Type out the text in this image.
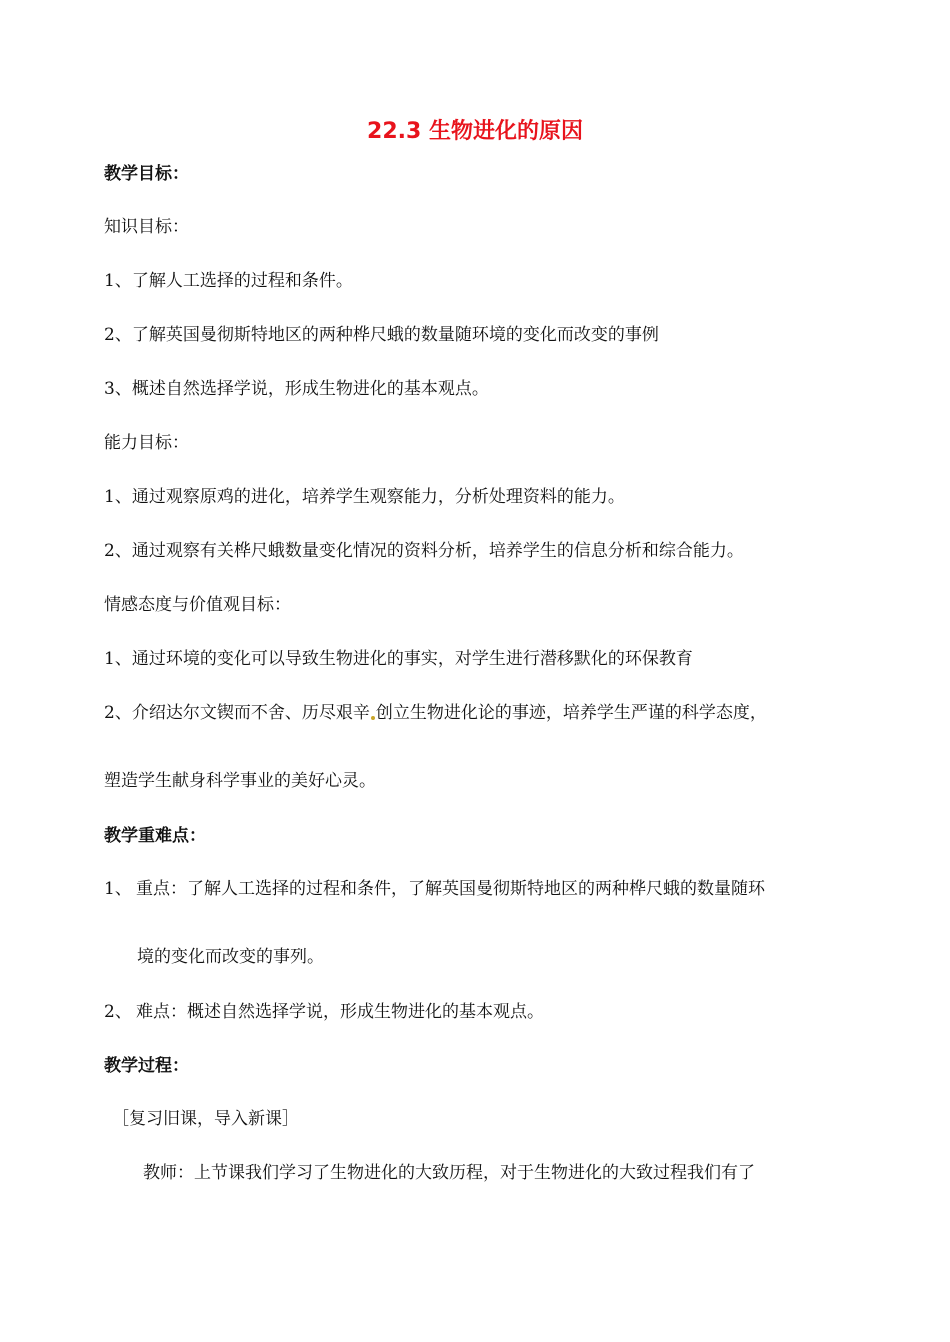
22.3 生物进化的原因
教学目标：
知识目标：
1、了解人工选择的过程和条件。
2、了解英国曼彻斯特地区的两种桦尺蛾的数量随环境的变化而改变的事例
3、概述自然选择学说，形成生物进化的基本观点。
能力目标：
1、通过观察原鸡的进化，培养学生观察能力，分析处理资料的能力。
2、通过观察有关桦尺蛾数量变化情况的资料分析，培养学生的信息分析和综合能力。
情感态度与价值观目标：
1、通过环境的变化可以导致生物进化的事实，对学生进行潜移默化的环保教育
2、介绍达尔文锲而不舍、历尽艰辛 创立生物进化论的事迹，培养学生严谨的科学态度，
塑造学生献身科学事业的美好心灵。
教学重难点：
1、 重点：了解人工选择的过程和条件，了解英国曼彻斯特地区的两种桦尺蛾的数量随环
境的变化而改变的事列。
2、 难点：概述自然选择学说，形成生物进化的基本观点。
教学过程：
［复习旧课，导入新课］
教师：上节课我们学习了生物进化的大致历程，对于生物进化的大致过程我们有了
